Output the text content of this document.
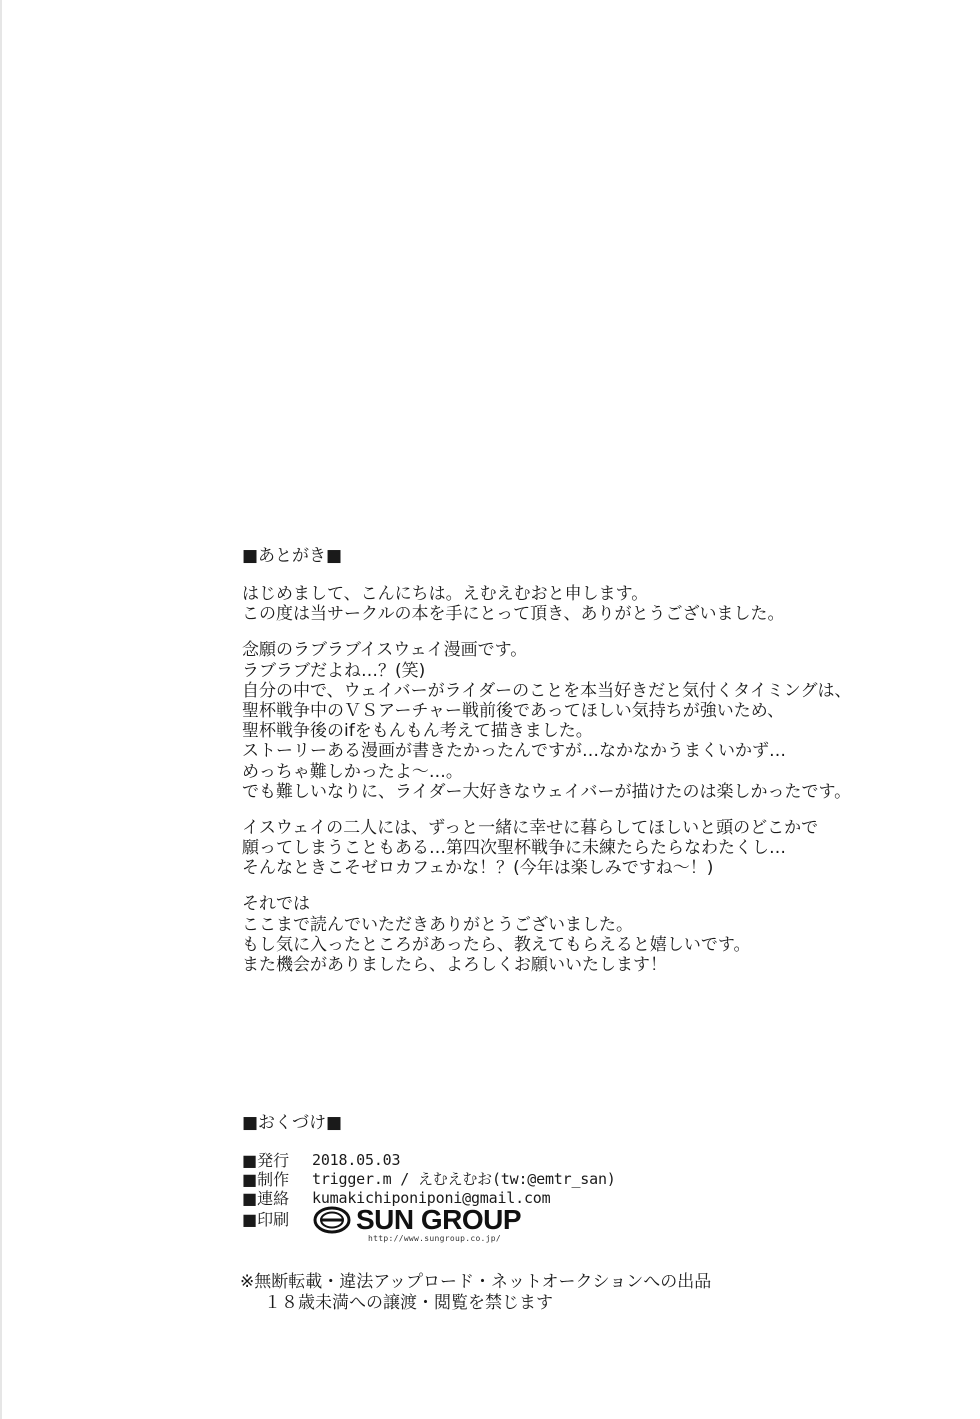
■あとがき■
はじめまして、こんにちは。えむえむおと申します。
この度は当サークルの本を手にとって頂き、ありがとうございました。
念願のラブラブイスウェイ漫画です。
ラブラブだよね…？(笑)
自分の中で、ウェイバーがライダーのことを本当好きだと気付くタイミングは、
聖杯戦争中のＶＳアーチャー戦前後であってほしい気持ちが強いため、
聖杯戦争後のifをもんもん考えて描きました。
ストーリーある漫画が書きたかったんですが…なかなかうまくいかず…
めっちゃ難しかったよ〜…。
でも難しいなりに、ライダー大好きなウェイバーが描けたのは楽しかったです。
イスウェイの二人には、ずっと一緒に幸せに暮らしてほしいと頭のどこかで
願ってしまうこともある…第四次聖杯戦争に未練たらたらなわたくし…
そんなときこそゼロカフェかな！？(今年は楽しみですね〜！)
それでは
ここまで読んでいただきありがとうございました。
もし気に入ったところがあったら、教えてもらえると嬉しいです。
また機会がありましたら、よろしくお願いいたします！
■おくづけ■
■発行	2018.05.03
■制作	trigger.m / えむえむお(tw:@emtr_san)
■連絡	kumakichiponiponi@gmail.com
■印刷	SUN GROUP
http://www.sungroup.co.jp/
※無断転載・違法アップロード・ネットオークションへの出品
１８歳未満への譲渡・閲覧を禁じます
